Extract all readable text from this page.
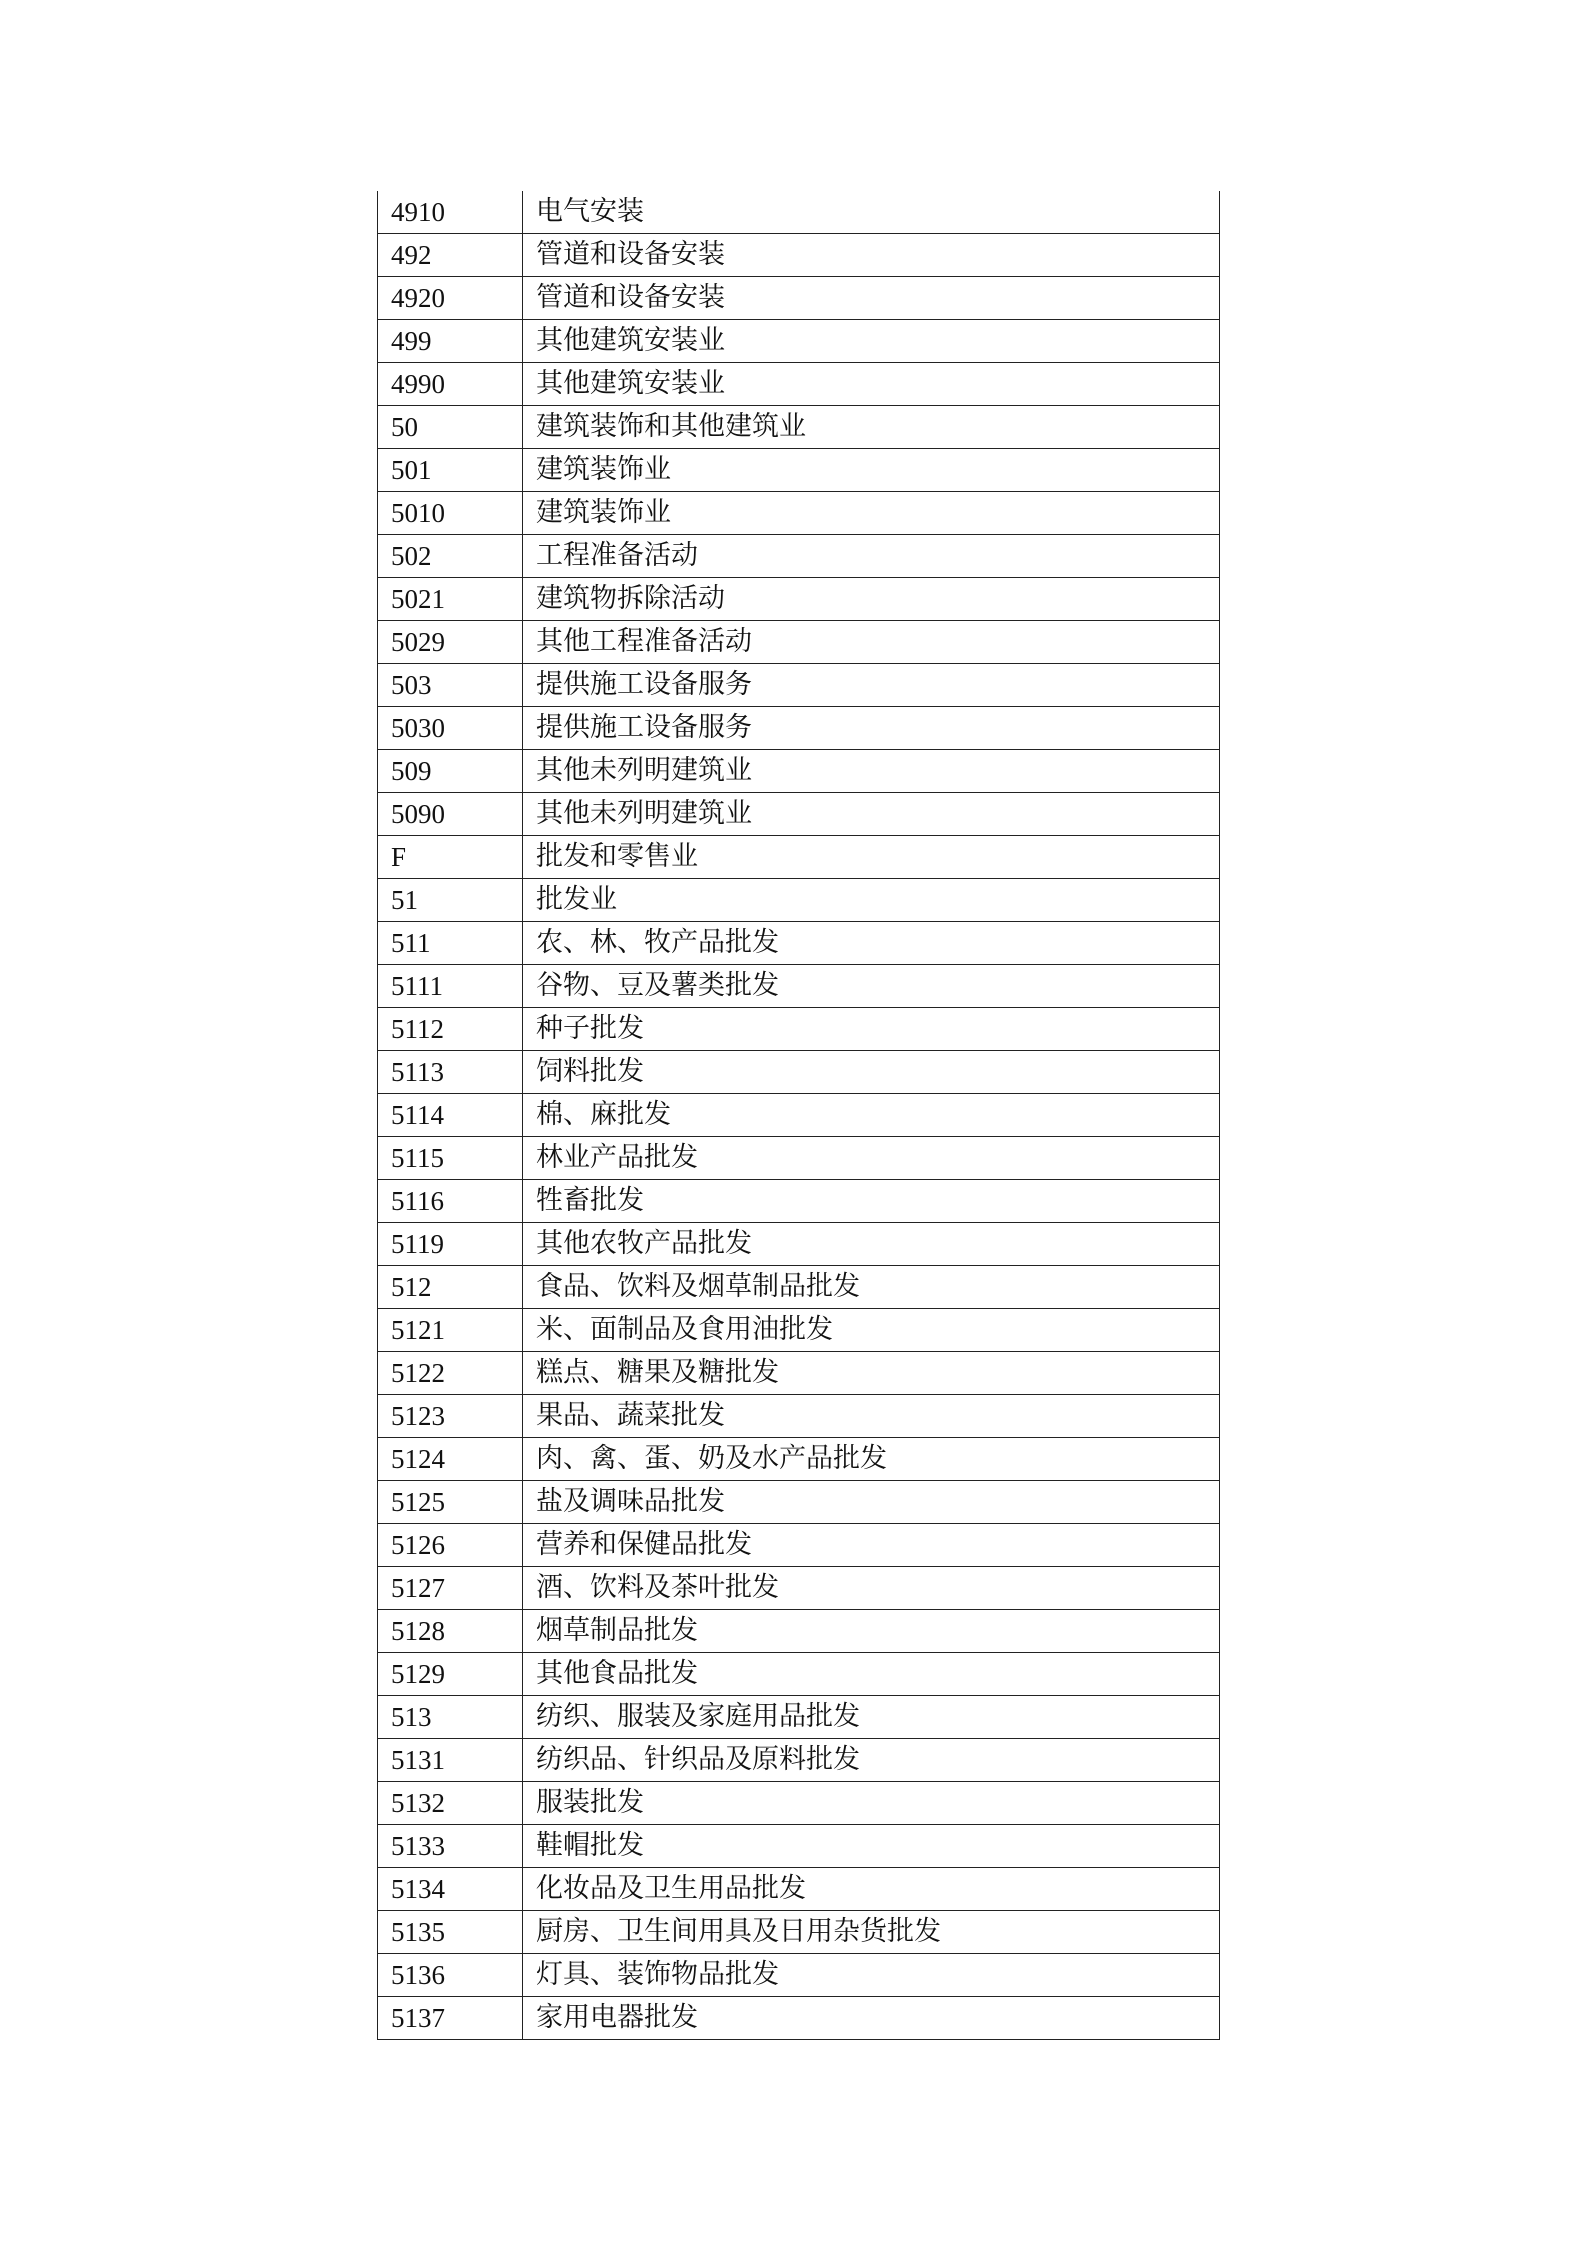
4910	电气安装
492	管道和设备安装
4920	管道和设备安装
499	其他建筑安装业
4990	其他建筑安装业
50	建筑装饰和其他建筑业
501	建筑装饰业
5010	建筑装饰业
502	工程准备活动
5021	建筑物拆除活动
5029	其他工程准备活动
503	提供施工设备服务
5030	提供施工设备服务
509	其他未列明建筑业
5090	其他未列明建筑业
F	批发和零售业
51	批发业
511	农、林、牧产品批发
5111	谷物、豆及薯类批发
5112	种子批发
5113	饲料批发
5114	棉、麻批发
5115	林业产品批发
5116	牲畜批发
5119	其他农牧产品批发
512	食品、饮料及烟草制品批发
5121	米、面制品及食用油批发
5122	糕点、糖果及糖批发
5123	果品、蔬菜批发
5124	肉、禽、蛋、奶及水产品批发
5125	盐及调味品批发
5126	营养和保健品批发
5127	酒、饮料及茶叶批发
5128	烟草制品批发
5129	其他食品批发
513	纺织、服装及家庭用品批发
5131	纺织品、针织品及原料批发
5132	服装批发
5133	鞋帽批发
5134	化妆品及卫生用品批发
5135	厨房、卫生间用具及日用杂货批发
5136	灯具、装饰物品批发
5137	家用电器批发
